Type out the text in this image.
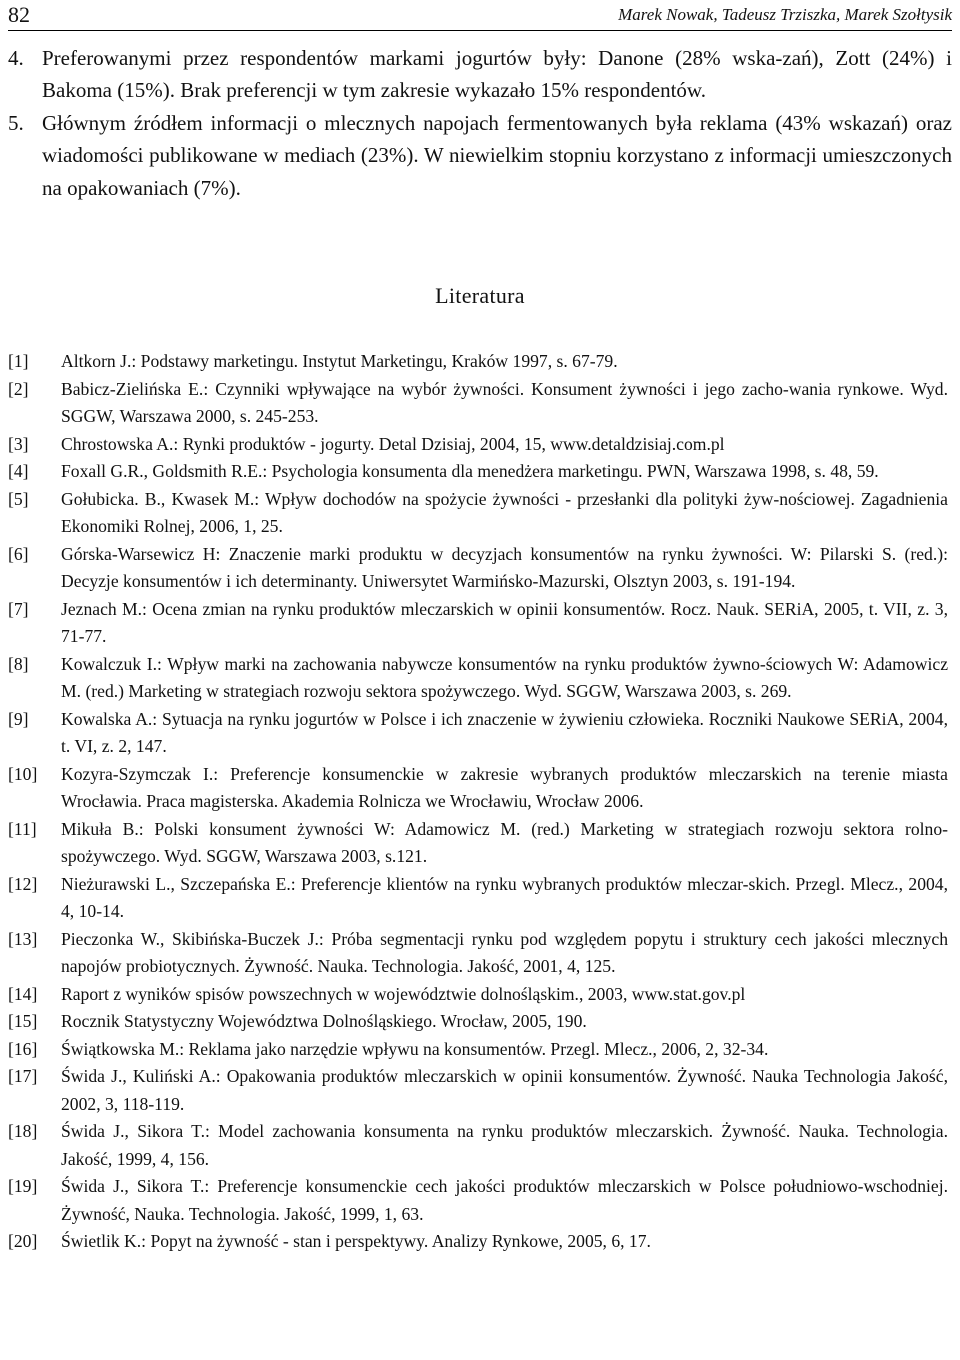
82	Marek Nowak, Tadeusz Trziszka, Marek Szołtysik
4. Preferowanymi przez respondentów markami jogurtów były: Danone (28% wska-zań), Zott (24%) i Bakoma (15%). Brak preferencji w tym zakresie wykazało 15% respondentów.
5. Głównym źródłem informacji o mlecznych napojach fermentowanych była reklama (43% wskazań) oraz wiadomości publikowane w mediach (23%). W niewielkim stopniu korzystano z informacji umieszczonych na opakowaniach (7%).
Literatura
[1] Altkorn J.: Podstawy marketingu. Instytut Marketingu, Kraków 1997, s. 67-79.
[2] Babicz-Zielińska E.: Czynniki wpływające na wybór żywności. Konsument żywności i jego zacho-wania rynkowe. Wyd. SGGW, Warszawa 2000, s. 245-253.
[3] Chrostowska A.: Rynki produktów - jogurty. Detal Dzisiaj, 2004, 15, www.detaldzisiaj.com.pl
[4] Foxall G.R., Goldsmith R.E.: Psychologia konsumenta dla menedżera marketingu. PWN, Warszawa 1998, s. 48, 59.
[5] Gołubicka. B., Kwasek M.: Wpływ dochodów na spożycie żywności - przesłanki dla polityki żyw-nościowej. Zagadnienia Ekonomiki Rolnej, 2006, 1, 25.
[6] Górska-Warsewicz H: Znaczenie marki produktu w decyzjach konsumentów na rynku żywności. W: Pilarski S. (red.): Decyzje konsumentów i ich determinanty. Uniwersytet Warmińsko-Mazurski, Olsztyn 2003, s. 191-194.
[7] Jeznach M.: Ocena zmian na rynku produktów mleczarskich w opinii konsumentów. Rocz. Nauk. SERiA, 2005, t. VII, z. 3, 71-77.
[8] Kowalczuk I.: Wpływ marki na zachowania nabywcze konsumentów na rynku produktów żywno-ściowych W: Adamowicz M. (red.) Marketing w strategiach rozwoju sektora spożywczego. Wyd. SGGW, Warszawa 2003, s. 269.
[9] Kowalska A.: Sytuacja na rynku jogurtów w Polsce i ich znaczenie w żywieniu człowieka. Roczniki Naukowe SERiA, 2004, t. VI, z. 2, 147.
[10] Kozyra-Szymczak I.: Preferencje konsumenckie w zakresie wybranych produktów mleczarskich na terenie miasta Wrocławia. Praca magisterska. Akademia Rolnicza we Wrocławiu, Wrocław 2006.
[11] Mikuła B.: Polski konsument żywności W: Adamowicz M. (red.) Marketing w strategiach rozwoju sektora rolno-spożywczego. Wyd. SGGW, Warszawa 2003, s.121.
[12] Nieżurawski L., Szczepańska E.: Preferencje klientów na rynku wybranych produktów mleczar-skich. Przegl. Mlecz., 2004, 4, 10-14.
[13] Pieczonka W., Skibińska-Buczek J.: Próba segmentacji rynku pod względem popytu i struktury cech jakości mlecznych napojów probiotycznych. Żywność. Nauka. Technologia. Jakość, 2001, 4, 125.
[14] Raport z wyników spisów powszechnych w województwie dolnośląskim., 2003, www.stat.gov.pl
[15] Rocznik Statystyczny Województwa Dolnośląskiego. Wrocław, 2005, 190.
[16] Świątkowska M.: Reklama jako narzędzie wpływu na konsumentów. Przegl. Mlecz., 2006, 2, 32-34.
[17] Świda J., Kuliński A.: Opakowania produktów mleczarskich w opinii konsumentów. Żywność. Nauka Technologia Jakość, 2002, 3, 118-119.
[18] Świda J., Sikora T.: Model zachowania konsumenta na rynku produktów mleczarskich. Żywność. Nauka. Technologia. Jakość, 1999, 4, 156.
[19] Świda J., Sikora T.: Preferencje konsumenckie cech jakości produktów mleczarskich w Polsce południowo-wschodniej. Żywność, Nauka. Technologia. Jakość, 1999, 1, 63.
[20] Świetlik K.: Popyt na żywność - stan i perspektywy. Analizy Rynkowe, 2005, 6, 17.
